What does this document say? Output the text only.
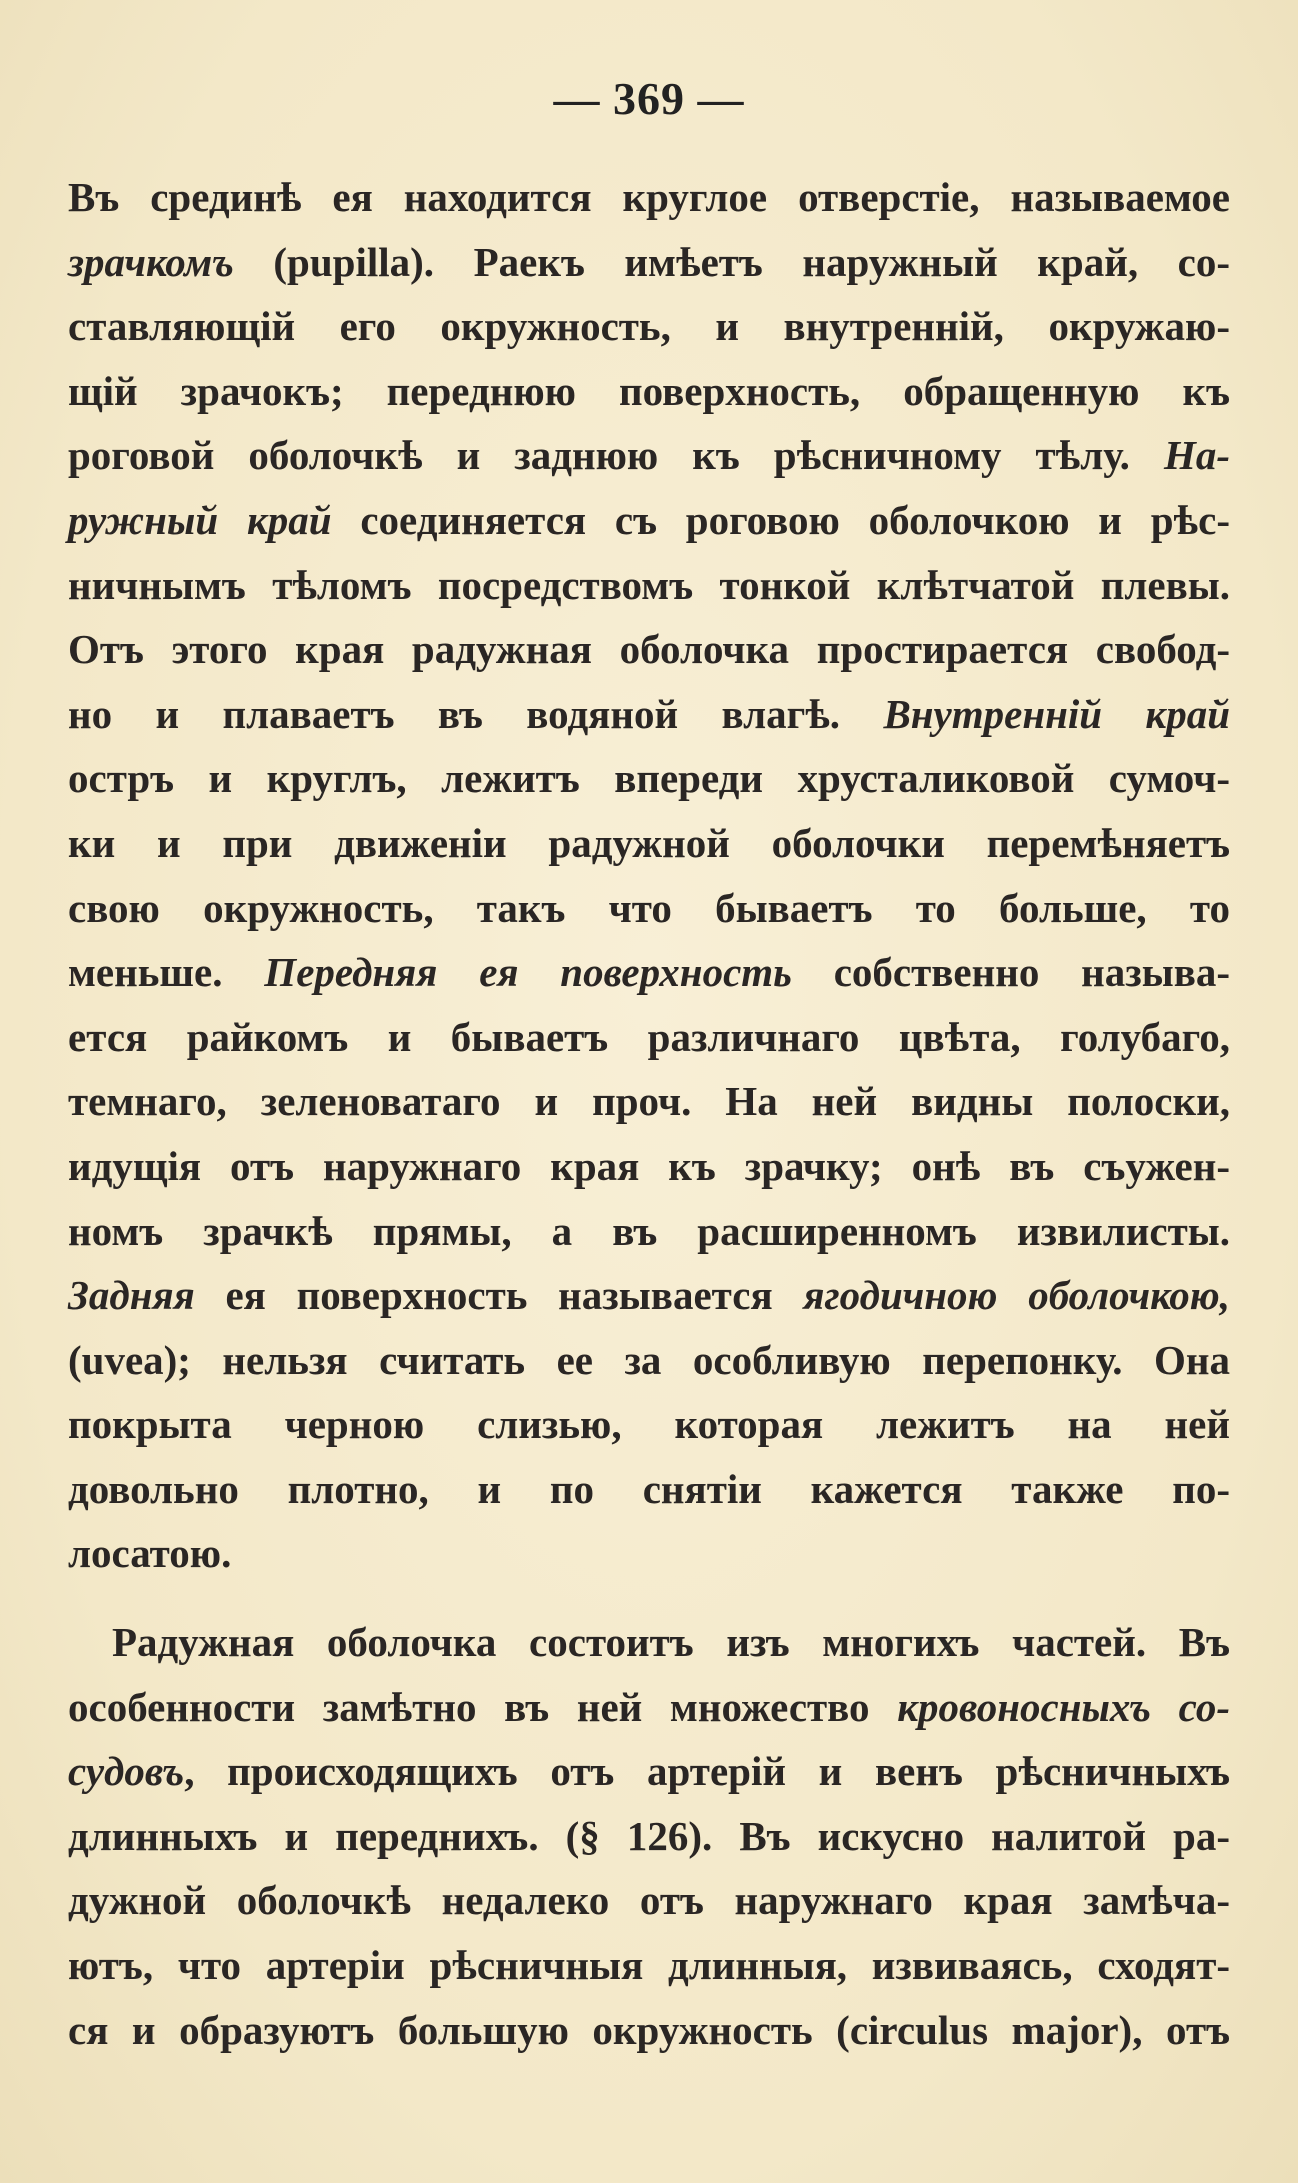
— 369 —
Въ срединѣ ея находится круглое отверстіе, называемое
зрачкомъ (pupilla). Раекъ имѣетъ наружный край, со-
ставляющій его окружность, и внутренній, окружаю-
щій зрачокъ; переднюю поверхность, обращенную къ
роговой оболочкѣ и заднюю къ рѣсничному тѣлу. На-
ружный край соединяется съ роговою оболочкою и рѣс-
ничнымъ тѣломъ посредствомъ тонкой клѣтчатой плевы.
Отъ этого края радужная оболочка простирается свобод-
но и плаваетъ въ водяной влагѣ. Внутренній край
остръ и круглъ, лежитъ впереди хрусталиковой сумоч-
ки и при движеніи радужной оболочки перемѣняетъ
свою окружность, такъ что бываетъ то больше, то
меньше. Передняя ея поверхность собственно называ-
ется райкомъ и бываетъ различнаго цвѣта, голубаго,
темнаго, зеленоватаго и проч. На ней видны полоски,
идущія отъ наружнаго края къ зрачку; онѣ въ съужен-
номъ зрачкѣ прямы, а въ расширенномъ извилисты.
Задняя ея поверхность называется ягодичною оболочкою,
(uvea); нельзя считать ее за особливую перепонку. Она
покрыта черною слизью, которая лежитъ на ней
довольно плотно, и по снятіи кажется также по-
лосатою.
Радужная оболочка состоитъ изъ многихъ частей. Въ
особенности замѣтно въ ней множество кровоносныхъ со-
судовъ, происходящихъ отъ артерій и венъ рѣсничныхъ
длинныхъ и переднихъ. (§ 126). Въ искусно налитой ра-
дужной оболочкѣ недалеко отъ наружнаго края замѣча-
ютъ, что артеріи рѣсничныя длинныя, извиваясь, сходят-
ся и образуютъ большую окружность (circulus major), отъ
